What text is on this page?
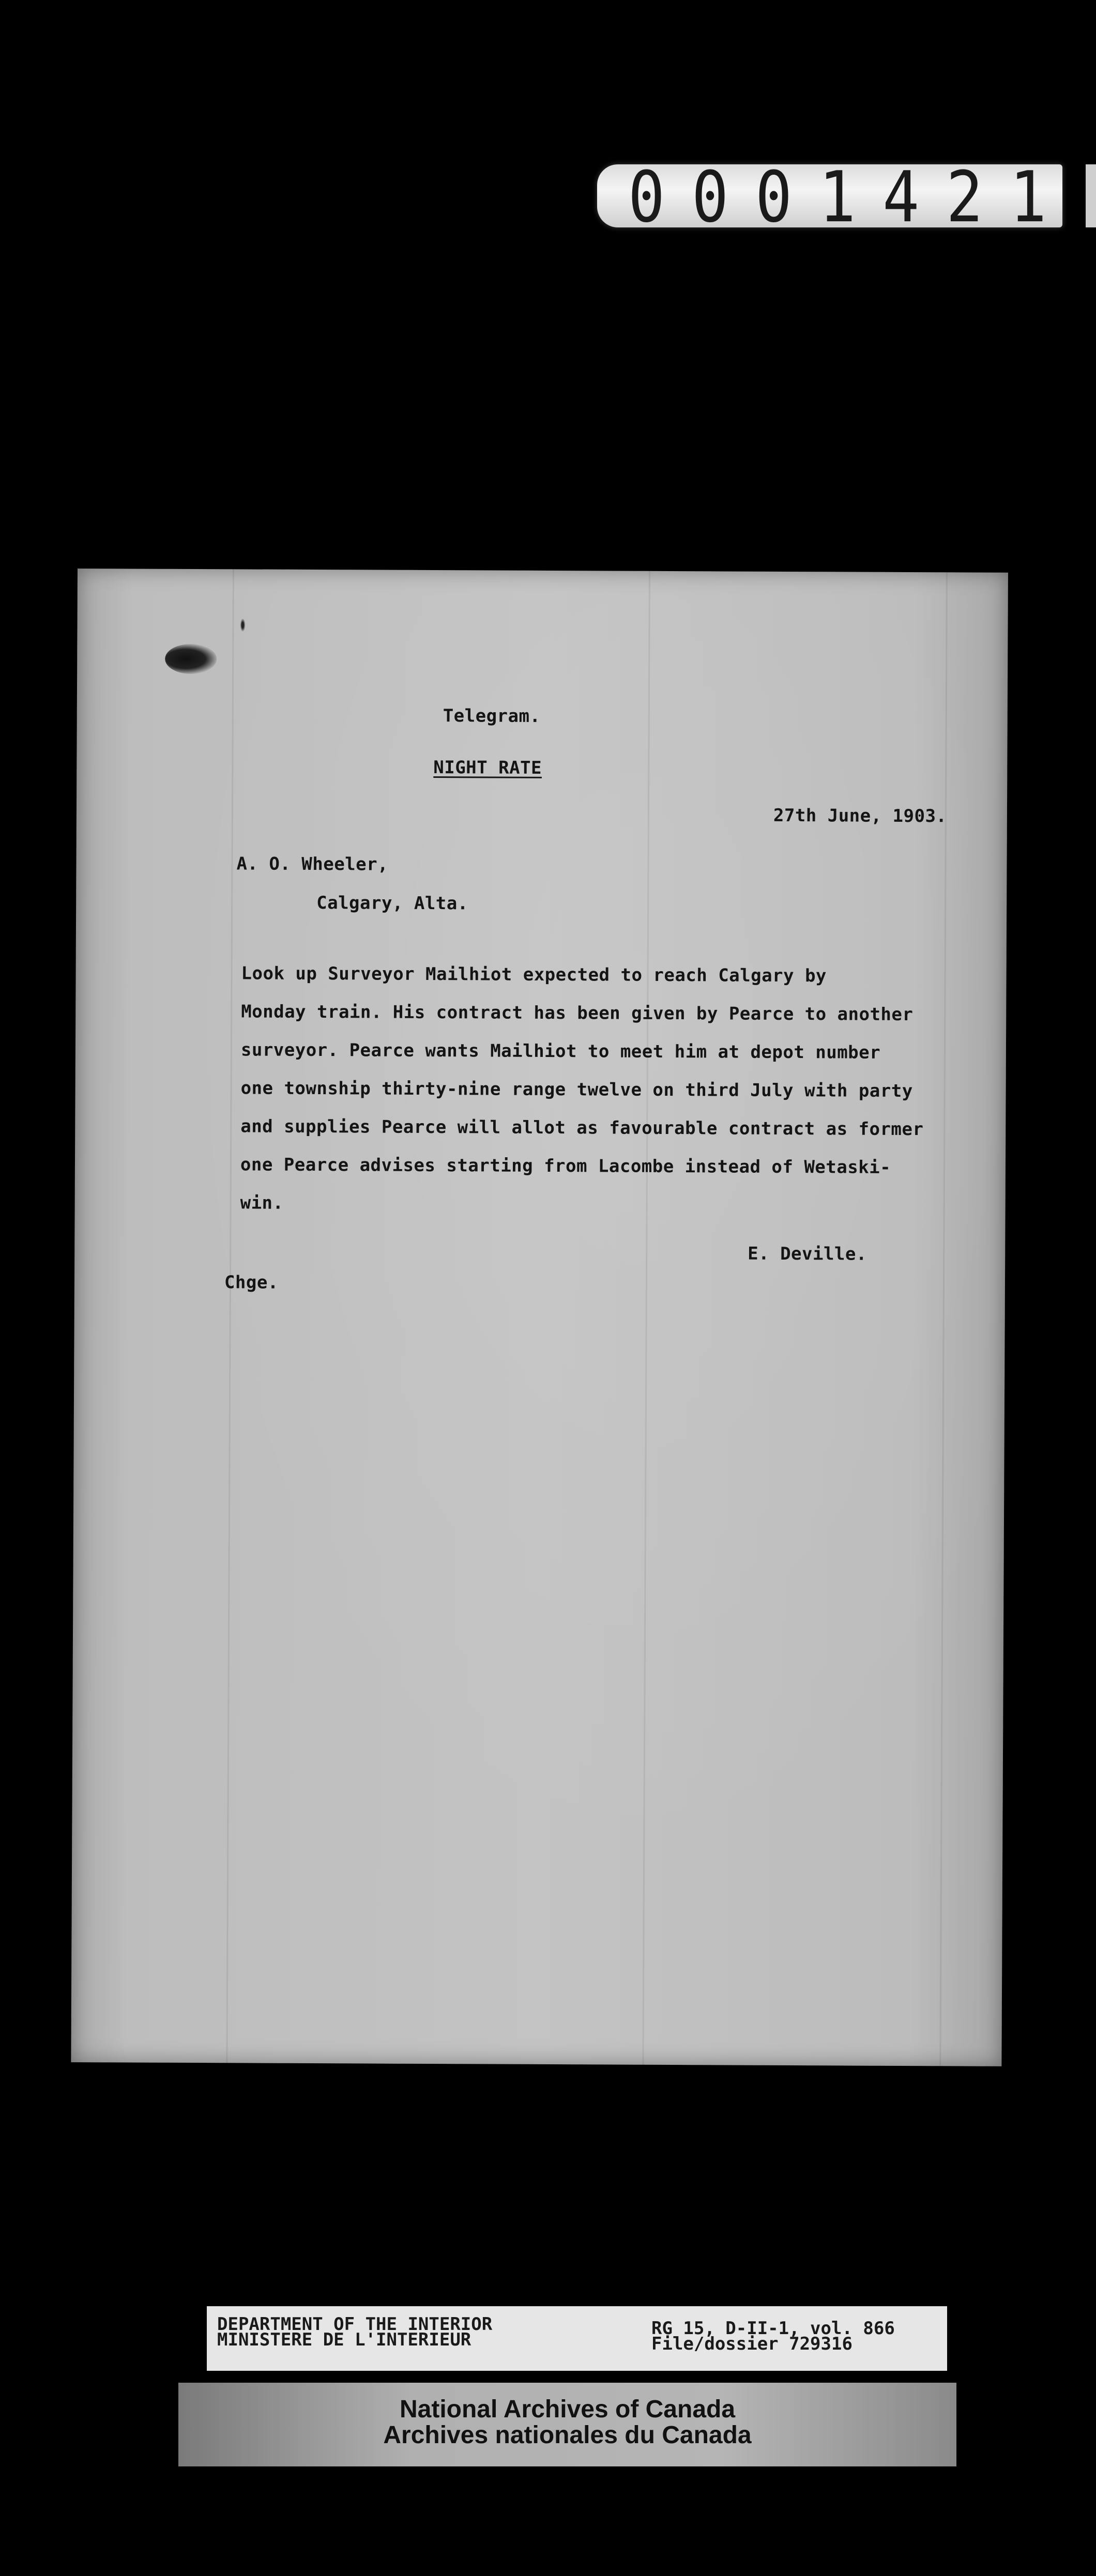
0001421
Telegram.
NIGHT RATE
27th June, 1903.
A. O. Wheeler,
Calgary, Alta.
Look up Surveyor Mailhiot expected to reach Calgary by
Monday train. His contract has been given by Pearce to another
surveyor. Pearce wants Mailhiot to meet him at depot number
one township thirty-nine range twelve on third July with party
and supplies Pearce will allot as favourable contract as former
one Pearce advises starting from Lacombe instead of Wetaski-
win.
E. Deville.
Chge.
DEPARTMENT OF THE INTERIOR
MINISTERE DE L'INTERIEUR
RG 15, D-II-1, vol. 866
File/dossier 729316
National Archives of Canada
Archives nationales du Canada
